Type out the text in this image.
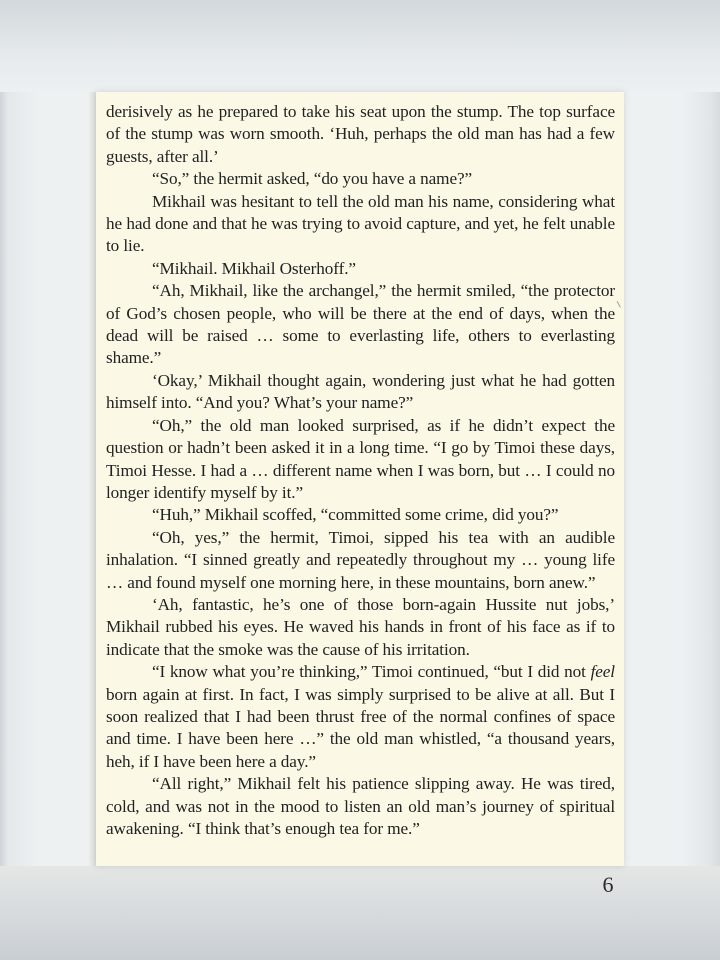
derisively as he prepared to take his seat upon the stump. The top surface of the stump was worn smooth. ‘Huh, perhaps the old man has had a few guests, after all.’

“So,” the hermit asked, “do you have a name?”

Mikhail was hesitant to tell the old man his name, considering what he had done and that he was trying to avoid capture, and yet, he felt unable to lie.

“Mikhail. Mikhail Osterhoff.”

“Ah, Mikhail, like the archangel,” the hermit smiled, “the protector of God’s chosen people, who will be there at the end of days, when the dead will be raised … some to everlasting life, others to everlasting shame.”

‘Okay,’ Mikhail thought again, wondering just what he had gotten himself into. “And you? What’s your name?”

“Oh,” the old man looked surprised, as if he didn’t expect the question or hadn’t been asked it in a long time. “I go by Timoi these days, Timoi Hesse. I had a … different name when I was born, but … I could no longer identify myself by it.”

“Huh,” Mikhail scoffed, “committed some crime, did you?”

“Oh, yes,” the hermit, Timoi, sipped his tea with an audible inhalation. “I sinned greatly and repeatedly throughout my … young life … and found myself one morning here, in these mountains, born anew.”

‘Ah, fantastic, he’s one of those born-again Hussite nut jobs,’ Mikhail rubbed his eyes. He waved his hands in front of his face as if to indicate that the smoke was the cause of his irritation.

“I know what you’re thinking,” Timoi continued, “but I did not feel born again at first. In fact, I was simply surprised to be alive at all. But I soon realized that I had been thrust free of the normal confines of space and time. I have been here …” the old man whistled, “a thousand years, heh, if I have been here a day.”

“All right,” Mikhail felt his patience slipping away. He was tired, cold, and was not in the mood to listen an old man’s journey of spiritual awakening. “I think that’s enough tea for me.”

6
